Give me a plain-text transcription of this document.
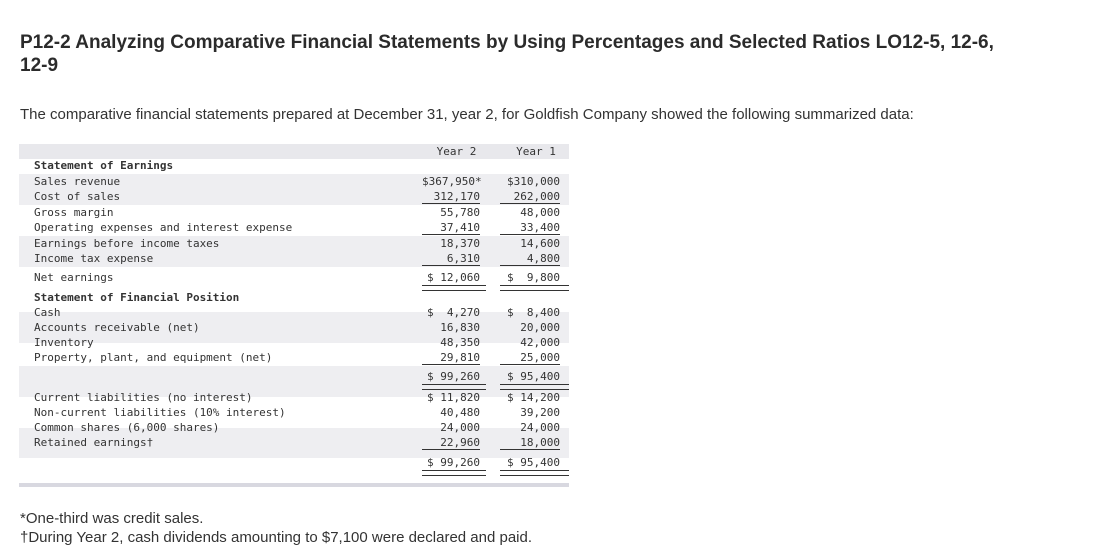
P12-2 Analyzing Comparative Financial Statements by Using Percentages and Selected Ratios LO12-5, 12-6, 12-9
The comparative financial statements prepared at December 31, year 2, for Goldfish Company showed the following summarized data:
Year 2	Year 1
Statement of Earnings
Sales revenue	$367,950*	$310,000
Cost of sales	312,170	262,000
Gross margin	55,780	48,000
Operating expenses and interest expense	37,410	33,400
Earnings before income taxes	18,370	14,600
Income tax expense	6,310	4,800
Net earnings	$ 12,060	$  9,800
Statement of Financial Position
Cash	$  4,270	$  8,400
Accounts receivable (net)	16,830	20,000
Inventory	48,350	42,000
Property, plant, and equipment (net)	29,810	25,000
$ 99,260	$ 95,400
Current liabilities (no interest)	$ 11,820	$ 14,200
Non-current liabilities (10% interest)	40,480	39,200
Common shares (6,000 shares)	24,000	24,000
Retained earnings†	22,960	18,000
$ 99,260	$ 95,400
*One-third was credit sales.
†During Year 2, cash dividends amounting to $7,100 were declared and paid.
